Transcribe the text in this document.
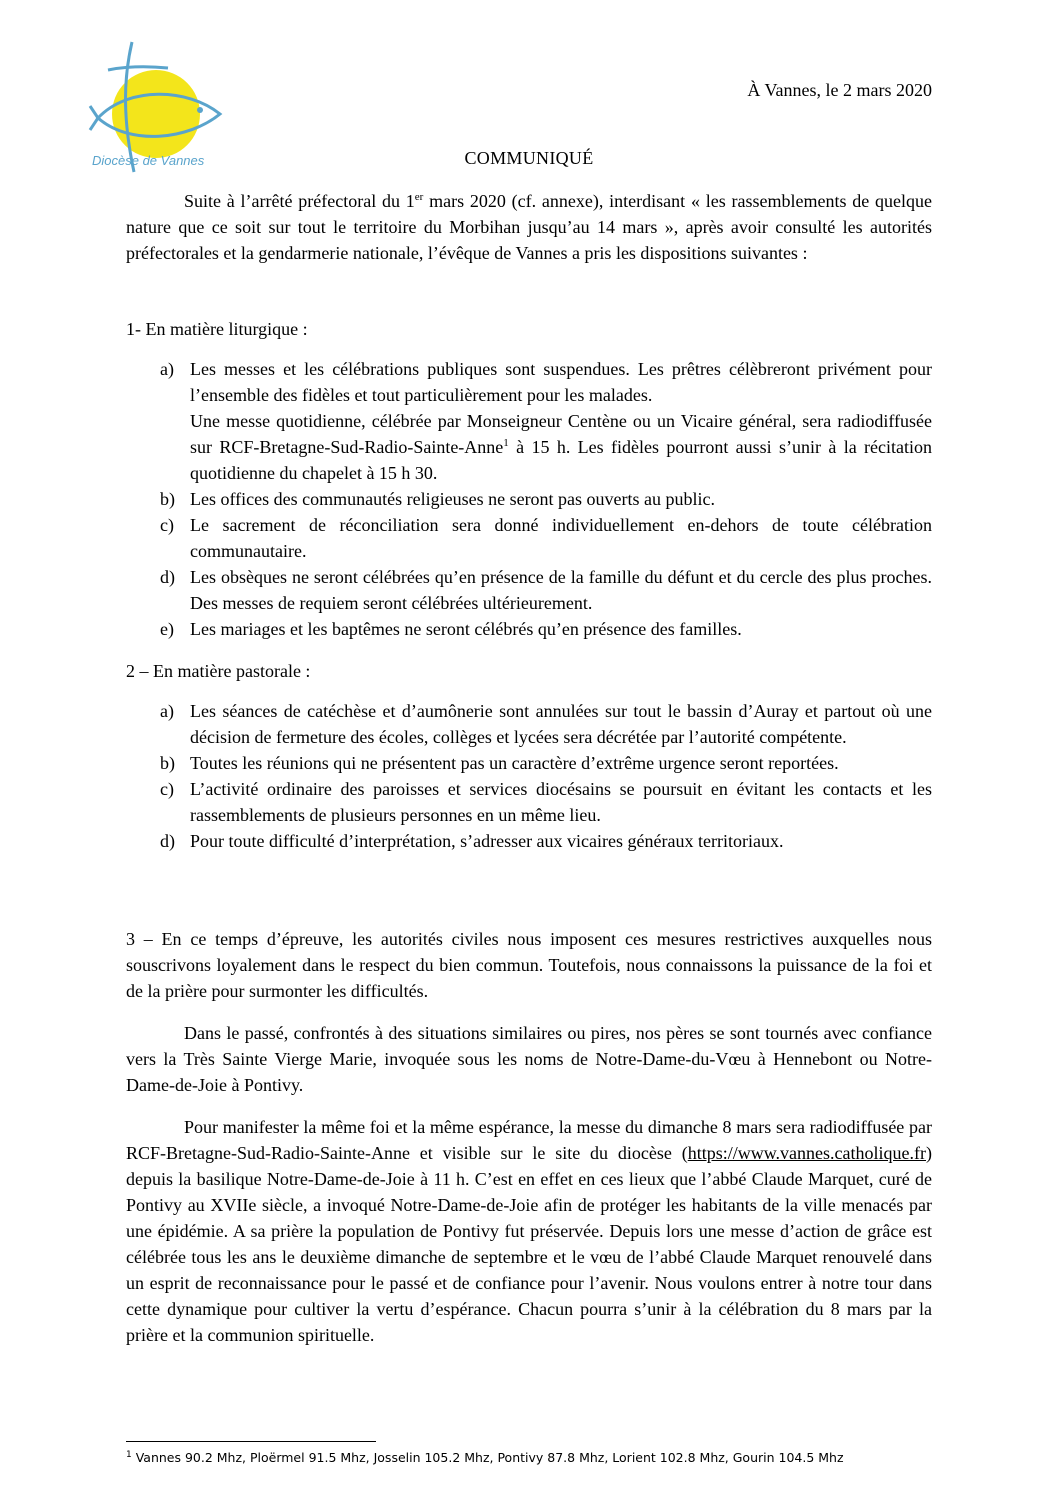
Diocèse de Vannes
À Vannes, le 2 mars 2020
COMMUNIQUÉ

Suite à l’arrêté préfectoral du 1er mars 2020 (cf. annexe), interdisant « les rassemblements de quelque nature que ce soit sur tout le territoire du Morbihan jusqu’au 14 mars », après avoir consulté les autorités préfectorales et la gendarmerie nationale, l’évêque de Vannes a pris les dispositions suivantes :

1- En matière liturgique :

a) Les messes et les célébrations publiques sont suspendues. Les prêtres célèbreront privément pour l’ensemble des fidèles et tout particulièrement pour les malades.

Une messe quotidienne, célébrée par Monseigneur Centène ou un Vicaire général, sera radiodiffusée sur RCF-Bretagne-Sud-Radio-Sainte-Anne$^1$ à 15 h. Les fidèles pourront aussi s’unir à la récitation quotidienne du chapelet à 15 h 30.

b) Les offices des communautés religieuses ne seront pas ouverts au public.

c) Le sacrement de réconciliation sera donné individuellement en-dehors de toute célébration communautaire.

d) Les obsèques ne seront célébrées qu’en présence de la famille du défunt et du cercle des plus proches. Des messes de requiem seront célébrées ultérieurement.

e) Les mariages et les baptêmes ne seront célébrés qu’en présence des familles.

2 – En matière pastorale :

a) Les séances de catéchèse et d’aumônerie sont annulées sur tout le bassin d’Auray et partout où une décision de fermeture des écoles, collèges et lycées sera décrétée par l’autorité compétente.

b) Toutes les réunions qui ne présentent pas un caractère d’extrême urgence seront reportées.

c) L’activité ordinaire des paroisses et services diocésains se poursuit en évitant les contacts et les rassemblements de plusieurs personnes en un même lieu.

d) Pour toute difficulté d’interprétation, s’adresser aux vicaires généraux territoriaux.

3 – En ce temps d’épreuve, les autorités civiles nous imposent ces mesures restrictives auxquelles nous souscrivons loyalement dans le respect du bien commun. Toutefois, nous connaissons la puissance de la foi et de la prière pour surmonter les difficultés.

Dans le passé, confrontés à des situations similaires ou pires, nos pères se sont tournés avec confiance vers la Très Sainte Vierge Marie, invoquée sous les noms de Notre-Dame-du-Vœu à Hennebont ou Notre-Dame-de-Joie à Pontivy.

Pour manifester la même foi et la même espérance, la messe du dimanche 8 mars sera radiodiffusée par RCF-Bretagne-Sud-Radio-Sainte-Anne et visible sur le site du diocèse (https://www.vannes.catholique.fr) depuis la basilique Notre-Dame-de-Joie à 11 h. C’est en effet en ces lieux que l’abbé Claude Marquet, curé de Pontivy au XVIIe siècle, a invoqué Notre-Dame-de-Joie afin de protéger les habitants de la ville menacés par une épidémie. A sa prière la population de Pontivy fut préservée. Depuis lors une messe d’action de grâce est célébrée tous les ans le deuxième dimanche de septembre et le vœu de l’abbé Claude Marquet renouvelé dans un esprit de reconnaissance pour le passé et de confiance pour l’avenir. Nous voulons entrer à notre tour dans cette dynamique pour cultiver la vertu d’espérance. Chacun pourra s’unir à la célébration du 8 mars par la prière et la communion spirituelle.

$^1$ Vannes 90.2 Mhz, Ploërmel 91.5 Mhz, Josselin 105.2 Mhz, Pontivy 87.8 Mhz, Lorient 102.8 Mhz, Gourin 104.5 Mhz
